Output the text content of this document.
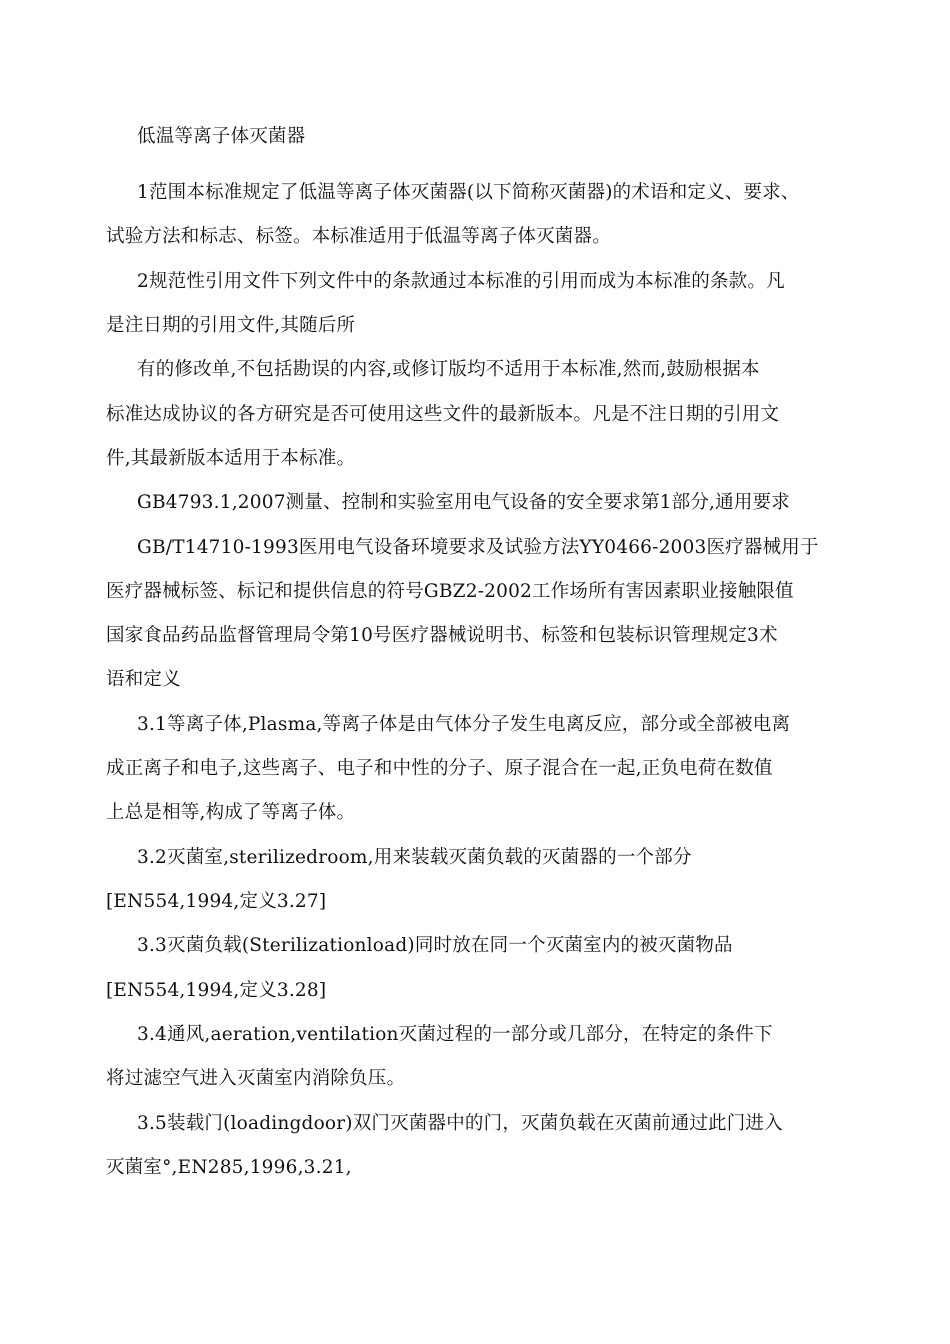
低温等离子体灭菌器
1范围本标准规定了低温等离子体灭菌器(以下简称灭菌器)的术语和定义、要求、
试验方法和标志、标签。本标准适用于低温等离子体灭菌器。
2规范性引用文件下列文件中的条款通过本标准的引用而成为本标准的条款。凡
是注日期的引用文件,其随后所
有的修改单,不包括勘误的内容,或修订版均不适用于本标准,然而,鼓励根据本
标准达成协议的各方研究是否可使用这些文件的最新版本。凡是不注日期的引用文
件,其最新版本适用于本标准。
GB4793.1,2007测量、控制和实验室用电气设备的安全要求第1部分,通用要求
GB/T14710-1993医用电气设备环境要求及试验方法YY0466-2003医疗器械用于
医疗器械标签、标记和提供信息的符号GBZ2-2002工作场所有害因素职业接触限值
国家食品药品监督管理局令第10号医疗器械说明书、标签和包装标识管理规定3术
语和定义
3.1等离子体,Plasma,等离子体是由气体分子发生电离反应，部分或全部被电离
成正离子和电子,这些离子、电子和中性的分子、原子混合在一起,正负电荷在数值
上总是相等,构成了等离子体。
3.2灭菌室,sterilizedroom,用来装载灭菌负载的灭菌器的一个部分
[EN554,1994,定义3.27]
3.3灭菌负载(Sterilizationload)同时放在同一个灭菌室内的被灭菌物品
[EN554,1994,定义3.28]
3.4通风,aeration,ventilation灭菌过程的一部分或几部分，在特定的条件下
将过滤空气进入灭菌室内消除负压。
3.5装载门(loadingdoor)双门灭菌器中的门，灭菌负载在灭菌前通过此门进入
灭菌室°,EN285,1996,3.21,
